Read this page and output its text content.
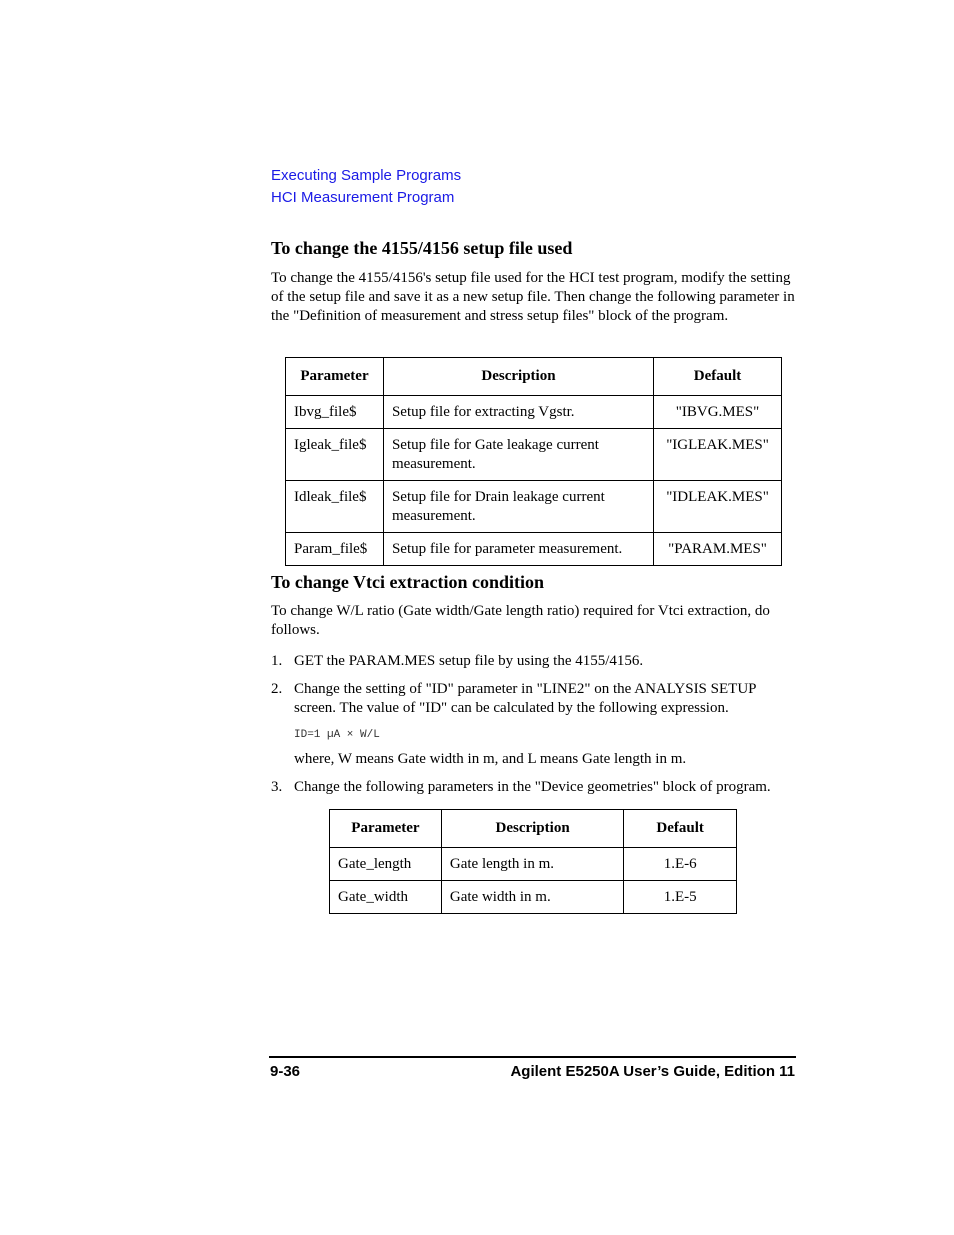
Executing Sample Programs
HCI Measurement Program
To change the 4155/4156 setup file used

To change the 4155/4156's setup file used for the HCI test program, modify the setting of the setup file and save it as a new setup file. Then change the following parameter in the "Definition of measurement and stress setup files" block of the program.

Parameter	Description	Default
Ibvg_file$	Setup file for extracting Vgstr.	"IBVG.MES"
Igleak_file$	Setup file for Gate leakage current measurement.	"IGLEAK.MES"
Idleak_file$	Setup file for Drain leakage current measurement.	"IDLEAK.MES"
Param_file$	Setup file for parameter measurement.	"PARAM.MES"
To change Vtci extraction condition

To change W/L ratio (Gate width/Gate length ratio) required for Vtci extraction, do follows.

1. GET the PARAM.MES setup file by using the 4155/4156.
2. Change the setting of "ID" parameter in "LINE2" on the ANALYSIS SETUP screen. The value of "ID" can be calculated by the following expression.
ID=1 µA × W/L

where, W means Gate width in m, and L means Gate length in m.

3. Change the following parameters in the "Device geometries" block of program.
Parameter	Description	Default
Gate_length	Gate length in m.	1.E-6
Gate_width	Gate width in m.	1.E-5
9-36	Agilent E5250A User’s Guide, Edition 11
